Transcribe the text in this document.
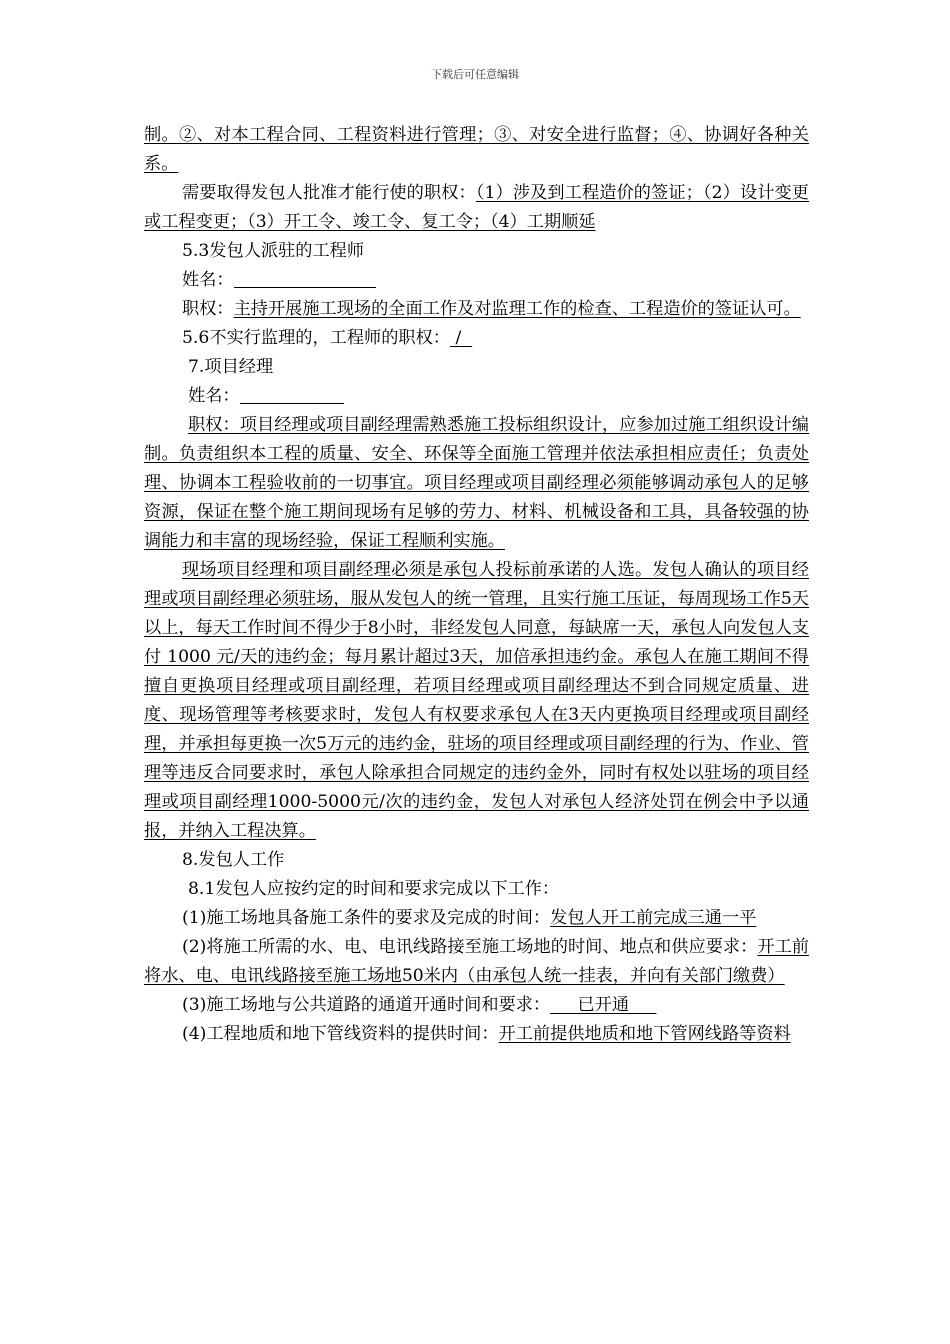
下载后可任意编辑

制。②、对本工程合同、工程资料进行管理；③、对安全进行监督；④、协调好各种关系。

需要取得发包人批准才能行使的职权：（1）涉及到工程造价的签证；（2）设计变更或工程变更；（3）开工令、竣工令、复工令；（4）工期顺延

5.3发包人派驻的工程师

姓名：

职权：主持开展施工现场的全面工作及对监理工作的检查、工程造价的签证认可。

5.6不实行监理的，工程师的职权： /

7.项目经理

姓名：

职权：项目经理或项目副经理需熟悉施工投标组织设计，应参加过施工组织设计编制。负责组织本工程的质量、安全、环保等全面施工管理并依法承担相应责任；负责处理、协调本工程验收前的一切事宜。项目经理或项目副经理必须能够调动承包人的足够资源，保证在整个施工期间现场有足够的劳力、材料、机械设备和工具，具备较强的协调能力和丰富的现场经验，保证工程顺利实施。

现场项目经理和项目副经理必须是承包人投标前承诺的人选。发包人确认的项目经理或项目副经理必须驻场，服从发包人的统一管理，且实行施工压证，每周现场工作5天以上，每天工作时间不得少于8小时，非经发包人同意，每缺席一天，承包人向发包人支付 1000 元/天的违约金；每月累计超过3天，加倍承担违约金。承包人在施工期间不得擅自更换项目经理或项目副经理，若项目经理或项目副经理达不到合同规定质量、进度、现场管理等考核要求时，发包人有权要求承包人在3天内更换项目经理或项目副经理，并承担每更换一次5万元的违约金，驻场的项目经理或项目副经理的行为、作业、管理等违反合同要求时，承包人除承担合同规定的违约金外，同时有权处以驻场的项目经理或项目副经理1000-5000元/次的违约金，发包人对承包人经济处罚在例会中予以通报，并纳入工程决算。

8.发包人工作

8.1发包人应按约定的时间和要求完成以下工作：

(1)施工场地具备施工条件的要求及完成的时间：发包人开工前完成三通一平

(2)将施工所需的水、电、电讯线路接至施工场地的时间、地点和供应要求：开工前将水、电、电讯线路接至施工场地50米内（由承包人统一挂表，并向有关部门缴费）

(3)施工场地与公共道路的通道开通时间和要求： 已开通

(4)工程地质和地下管线资料的提供时间：开工前提供地质和地下管网线路等资料
